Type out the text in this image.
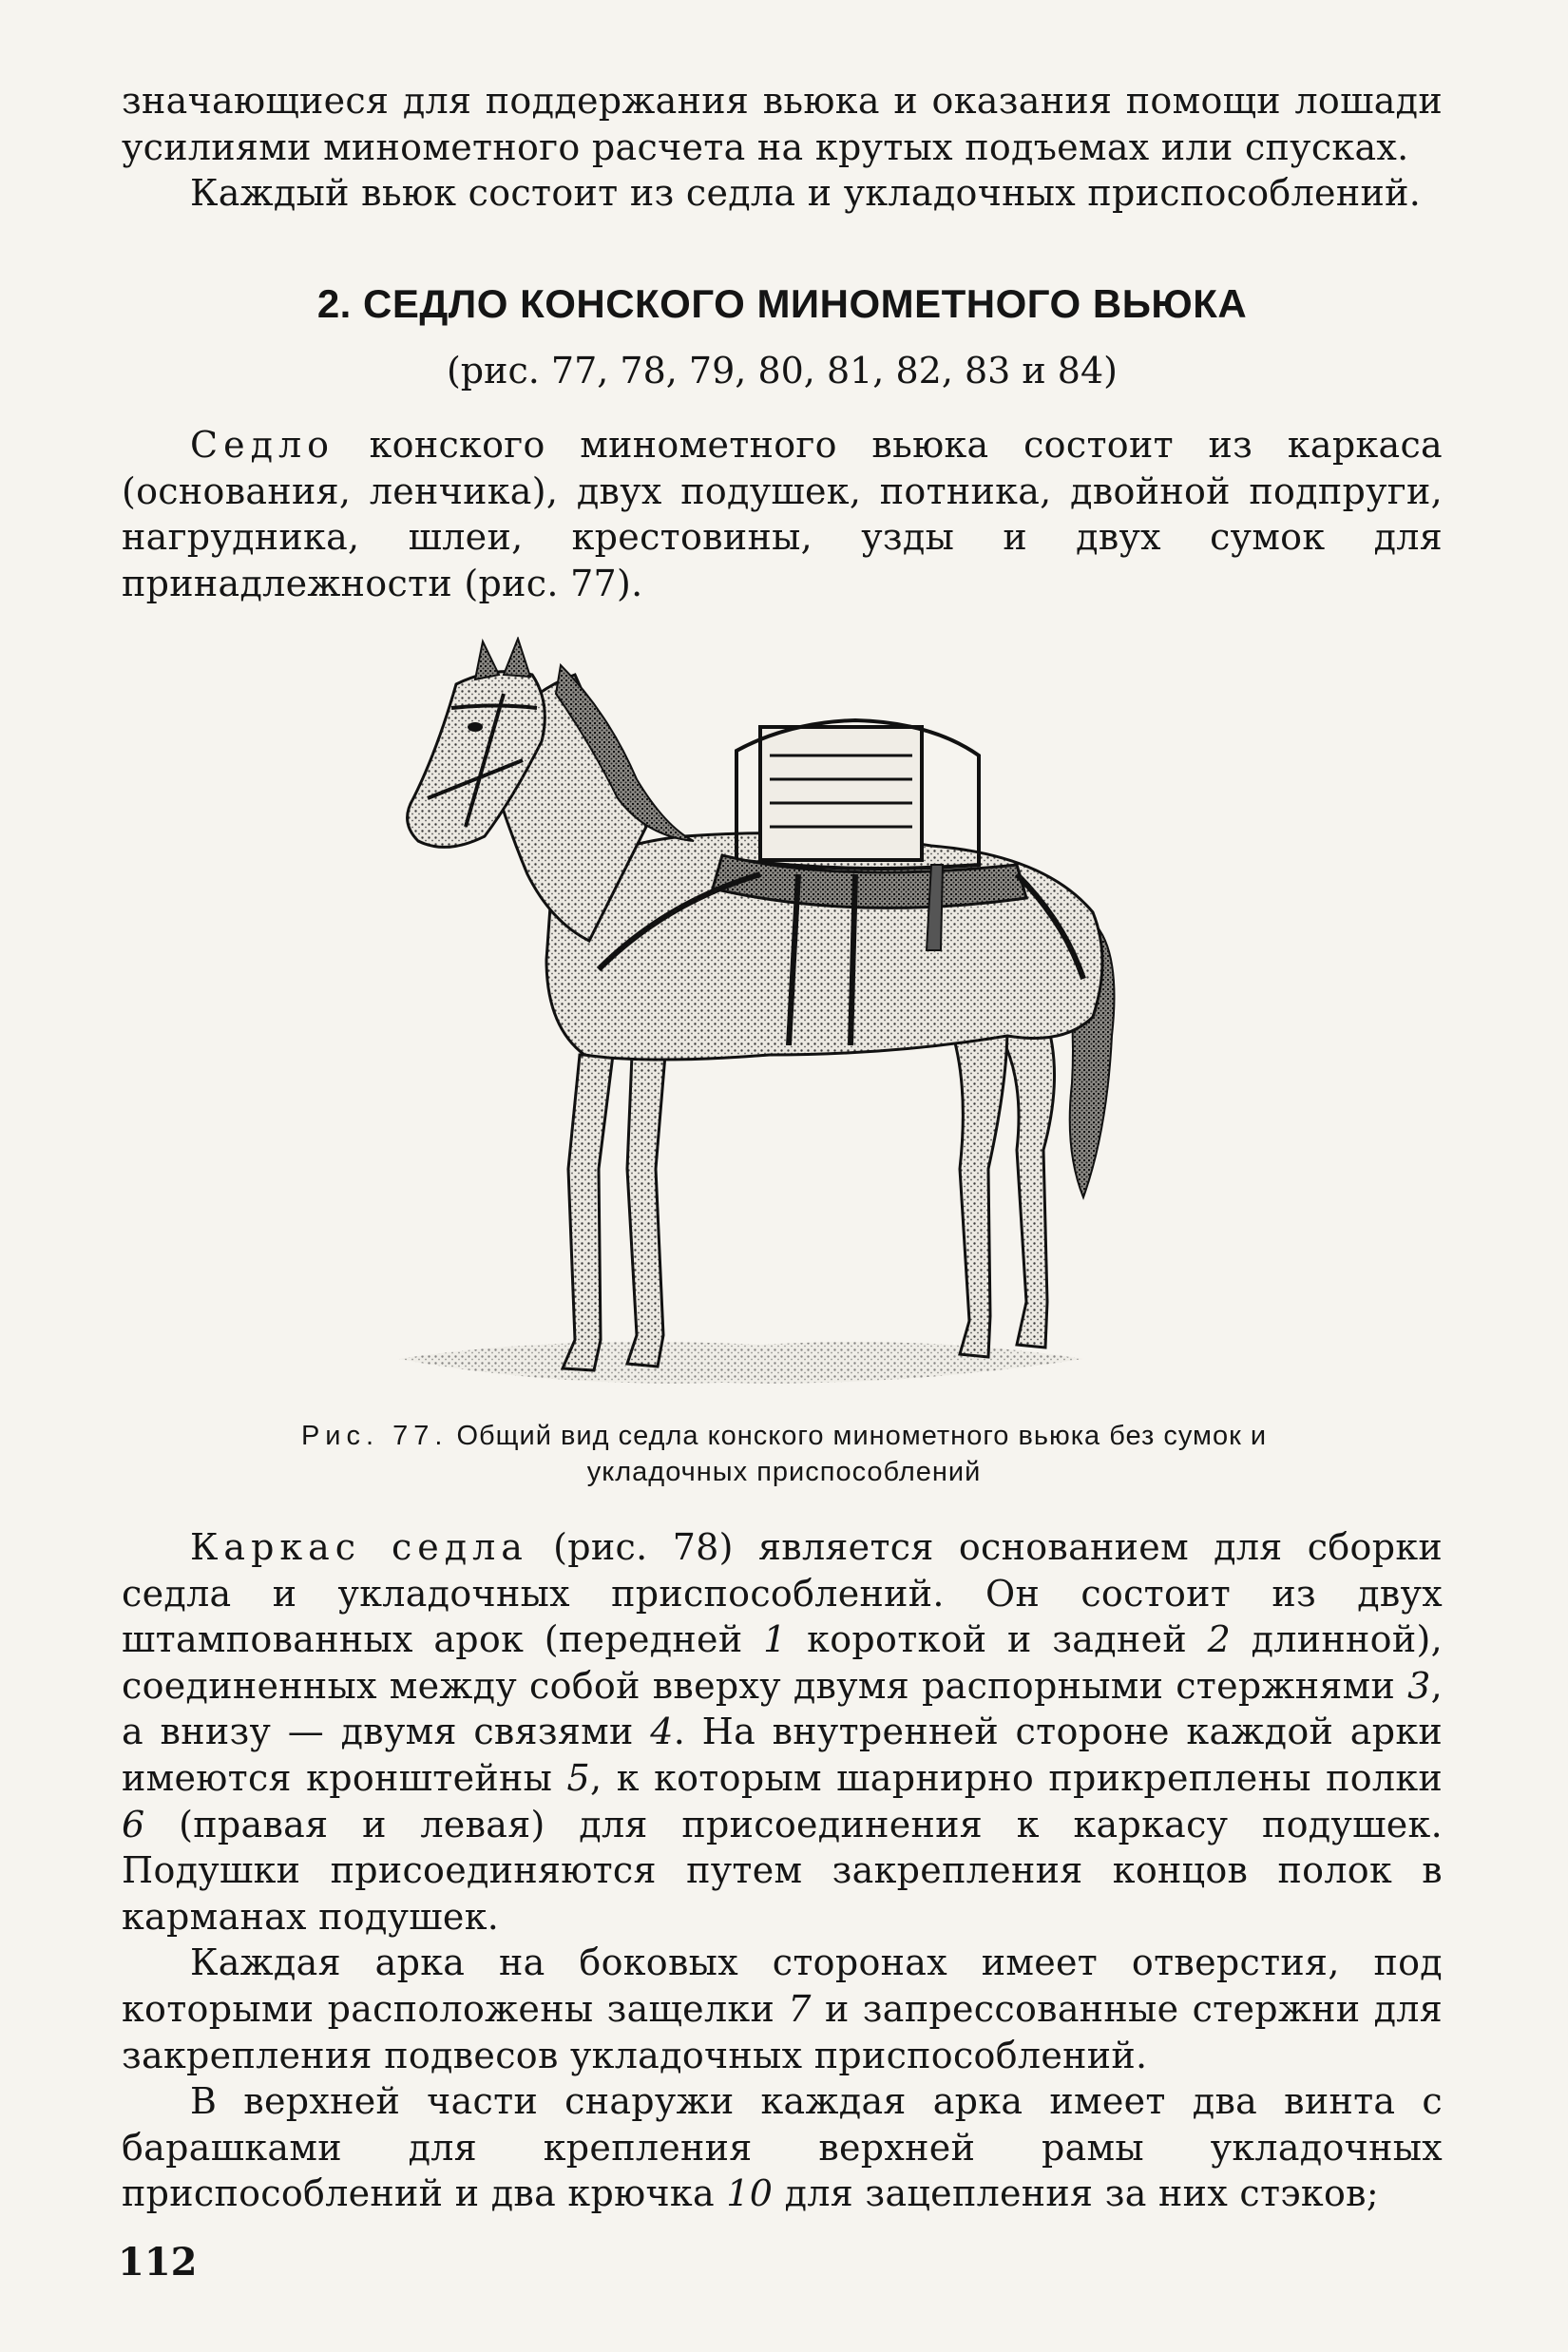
значающиеся для поддержания вьюка и оказания помощи лошади усилиями минометного расчета на крутых подъемах или спусках.

Каждый вьюк состоит из седла и укладочных приспособлений.

2. СЕДЛО КОНСКОГО МИНОМЕТНОГО ВЬЮКА
(рис. 77, 78, 79, 80, 81, 82, 83 и 84)

Седло конского минометного вьюка состоит из каркаса (основания, ленчика), двух подушек, потника, двойной подпруги, нагрудника, шлеи, крестовины, узды и двух сумок для принадлежности (рис. 77).

Рис. 77. Общий вид седла конского минометного вьюка без сумок и укладочных приспособлений

Каркас седла (рис. 78) является основанием для сборки седла и укладочных приспособлений. Он состоит из двух штампованных арок (передней 1 короткой и задней 2 длинной), соединенных между собой вверху двумя распорными стержнями 3, а внизу — двумя связями 4. На внутренней стороне каждой арки имеются кронштейны 5, к которым шарнирно прикреплены полки 6 (правая и левая) для присоединения к каркасу подушек. Подушки присоединяются путем закрепления концов полок в карманах подушек.

Каждая арка на боковых сторонах имеет отверстия, под которыми расположены защелки 7 и запрессованные стержни для закрепления подвесов укладочных приспособлений.

В верхней части снаружи каждая арка имеет два винта с барашками для крепления верхней рамы укладочных приспособлений и два крючка 10 для зацепления за них стэков;

112
